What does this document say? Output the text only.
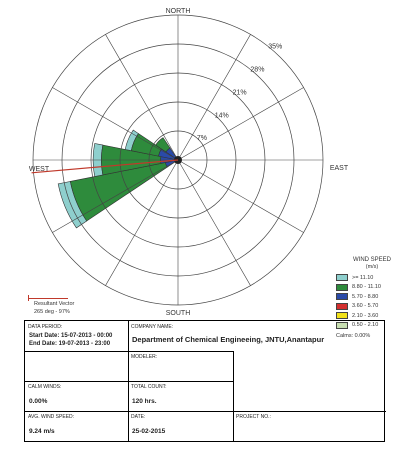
7%
14%
21%
28%
35%
NORTH
EAST
SOUTH
WEST
WIND SPEED
(m/s)
>= 11.10
8.80 - 11.10
5.70 - 8.80
3.60 - 5.70
2.10 - 3.60
0.50 - 2.10
Calms: 0.00%
Resultant Vector
265 deg - 97%
DATA PERIOD:
Start Date: 15-07-2013 - 00:00
End Date: 19-07-2013 - 23:00
COMPANY NAME:
Department of Chemical Engineeing, JNTU,Anantapur
MODELER:
CALM WINDS:
0.00%
TOTAL COUNT:
120 hrs.
AVG. WIND SPEED:
9.24 m/s
DATE:
25-02-2015
PROJECT NO.:
